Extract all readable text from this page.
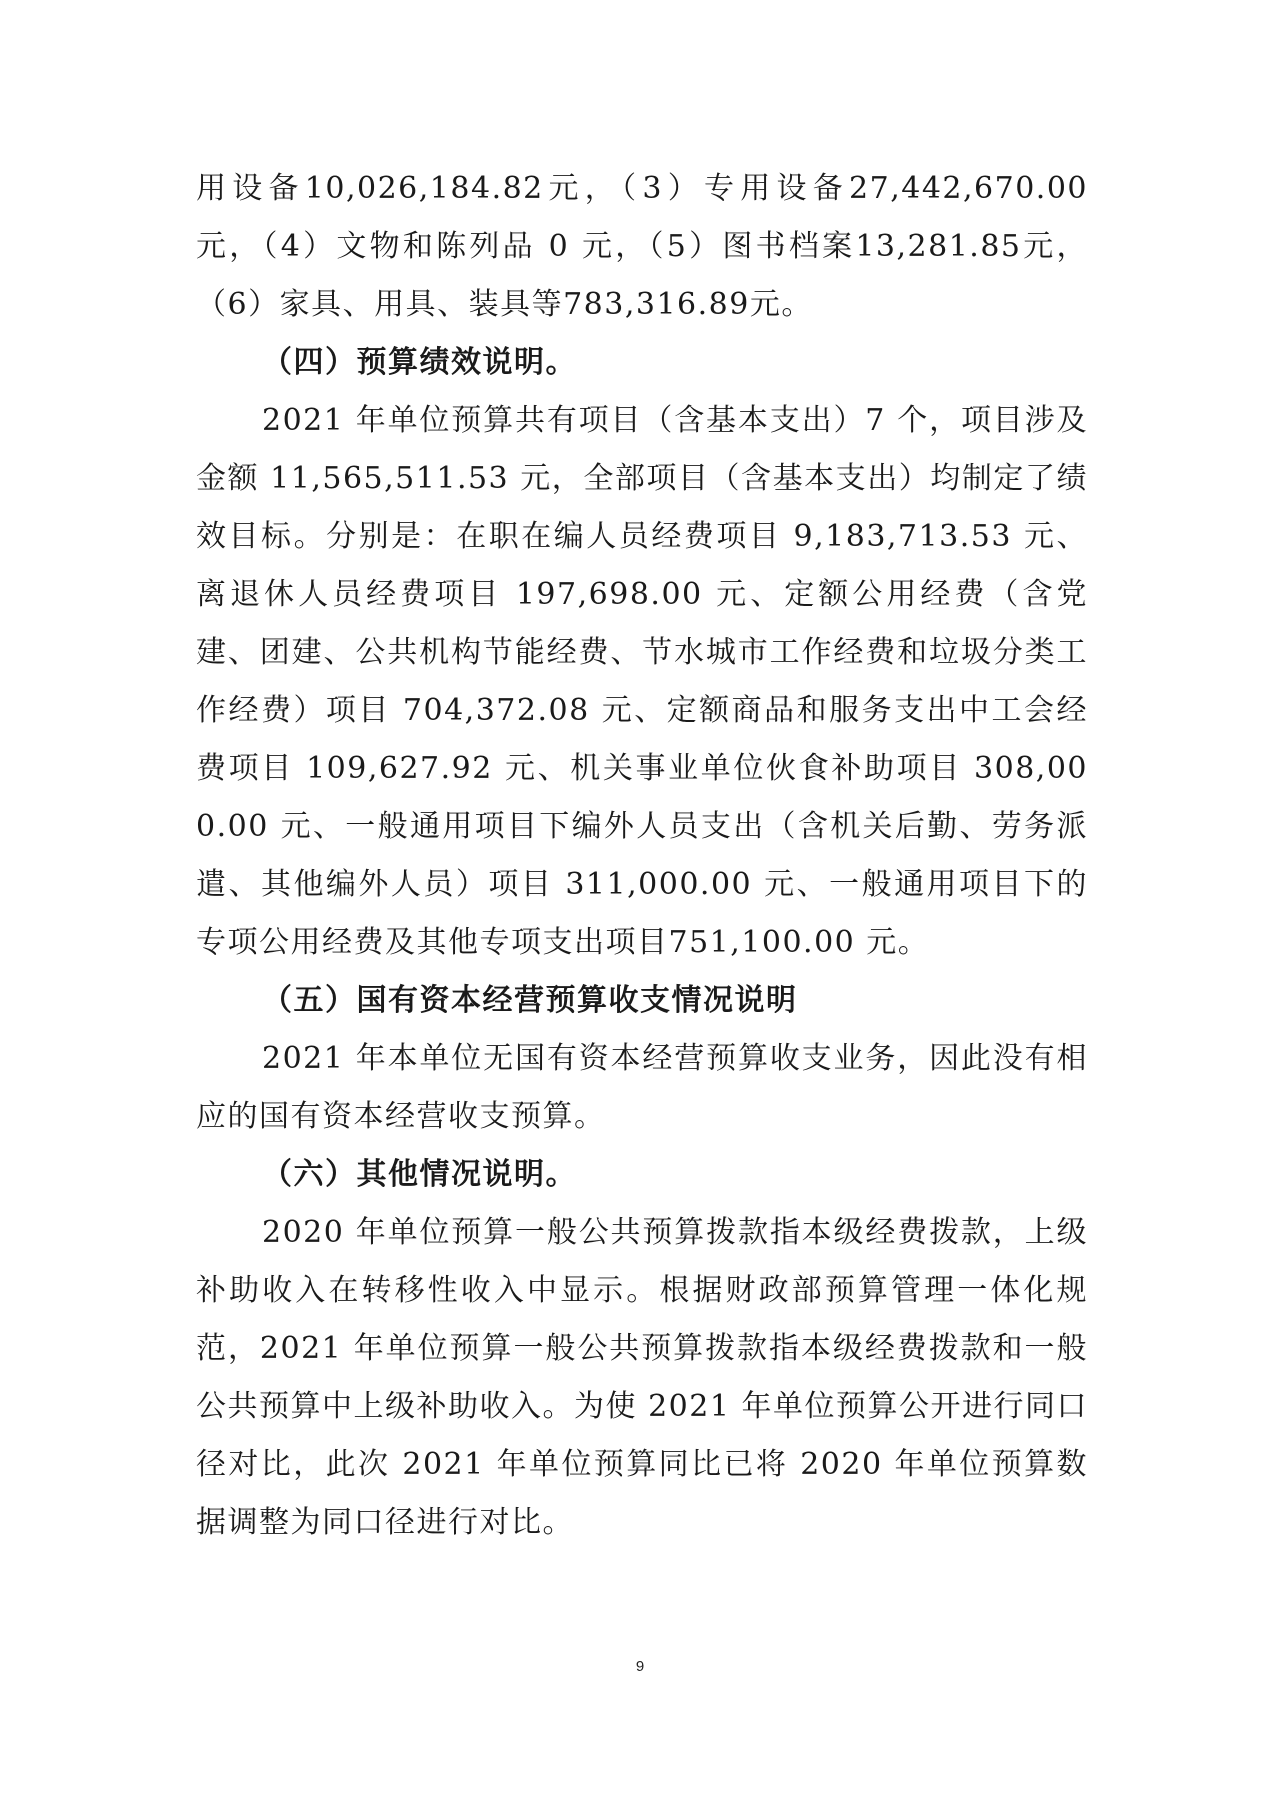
用设备10,026,184.82元，（3）专用设备27,442,670.00元，（4）文物和陈列品 0 元，（5）图书档案13,281.85元，（6）家具、用具、装具等783,316.89元。

（四）预算绩效说明。

2021 年单位预算共有项目（含基本支出）7 个，项目涉及金额 11,565,511.53 元，全部项目（含基本支出）均制定了绩效目标。分别是：在职在编人员经费项目 9,183,713.53 元、离退休人员经费项目 197,698.00 元、定额公用经费（含党建、团建、公共机构节能经费、节水城市工作经费和垃圾分类工作经费）项目 704,372.08 元、定额商品和服务支出中工会经费项目 109,627.92 元、机关事业单位伙食补助项目 308,000.00 元、一般通用项目下编外人员支出（含机关后勤、劳务派遣、其他编外人员）项目 311,000.00 元、一般通用项目下的专项公用经费及其他专项支出项目751,100.00 元。

（五）国有资本经营预算收支情况说明

2021 年本单位无国有资本经营预算收支业务，因此没有相应的国有资本经营收支预算。

（六）其他情况说明。

2020 年单位预算一般公共预算拨款指本级经费拨款，上级补助收入在转移性收入中显示。根据财政部预算管理一体化规范，2021 年单位预算一般公共预算拨款指本级经费拨款和一般公共预算中上级补助收入。为使 2021 年单位预算公开进行同口径对比，此次 2021 年单位预算同比已将 2020 年单位预算数据调整为同口径进行对比。

9
